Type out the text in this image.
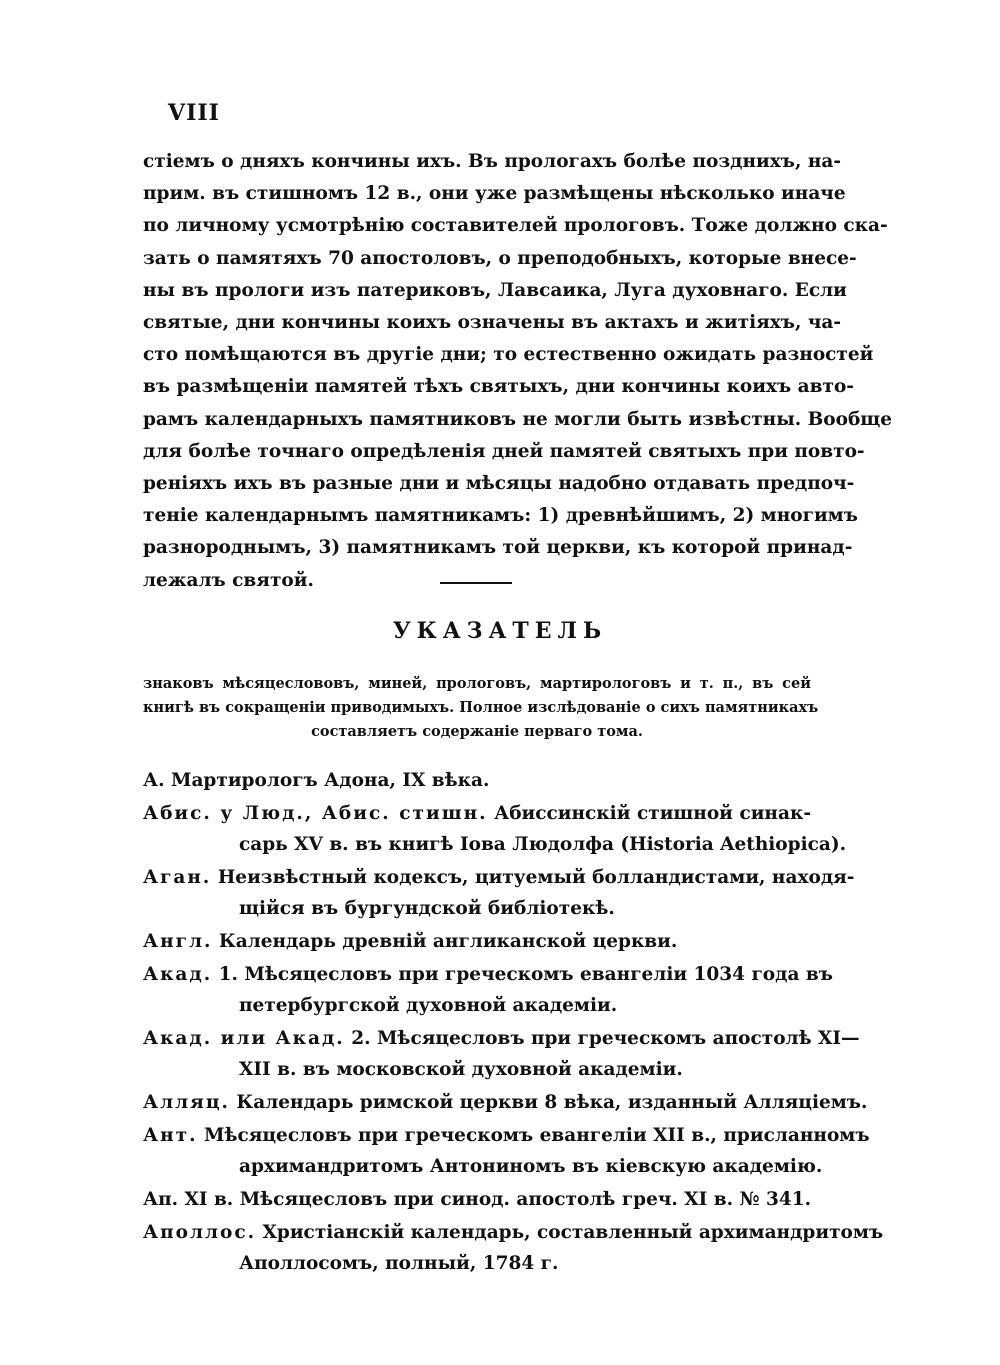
VIII
стіемъ о дняхъ кончины ихъ. Въ прологахъ болѣе позднихъ, на-
прим. въ стишномъ 12 в., они уже размѣщены нѣсколько иначе
по личному усмотрѣнію составителей прологовъ. Тоже должно ска-
зать о памятяхъ 70 апостоловъ, о преподобныхъ, которые внесе-
ны въ прологи изъ патериковъ, Лавсаика, Луга духовнаго. Если
святые, дни кончины коихъ означены въ актахъ и житіяхъ, ча-
сто помѣщаются въ другіе дни; то естественно ожидать разностей
въ размѣщеніи памятей тѣхъ святыхъ, дни кончины коихъ авто-
рамъ календарныхъ памятниковъ не могли быть извѣстны. Вообще
для болѣе точнаго опредѣленія дней памятей святыхъ при повто-
реніяхъ ихъ въ разные дни и мѣсяцы надобно отдавать предпоч-
теніе календарнымъ памятникамъ: 1) древнѣйшимъ, 2) многимъ
разнороднымъ, 3) памятникамъ той церкви, къ которой принад-
лежалъ святой.
УКАЗАТЕЛЬ
знаковъ мѣсяцеслововъ, миней, прологовъ, мартирологовъ и т. п., въ сей
книгѣ въ сокращеніи приводимыхъ. Полное изслѣдованіе о сихъ памятникахъ
составляетъ содержаніе перваго тома.
А. Мартирологъ Адона, IX вѣка.
Абис. у Люд., Абис. стишн. Абиссинскій стишной синак-
сарь XV в. въ книгѣ Іова Людолфа (Historia Aethiopica).
Аган. Неизвѣстный кодексъ, цитуемый болландистами, находя-
щійся въ бургундской библіотекѣ.
Англ. Календарь древній англиканской церкви.
Акад. 1. Мѣсяцесловъ при греческомъ евангеліи 1034 года въ
петербургской духовной академіи.
Акад. или Акад. 2. Мѣсяцесловъ при греческомъ апостолѣ XI—
XII в. въ московской духовной академіи.
Алляц. Календарь римской церкви 8 вѣка, изданный Алляціемъ.
Ант. Мѣсяцесловъ при греческомъ евангеліи XII в., присланномъ
архимандритомъ Антониномъ въ кіевскую академію.
Ап. XI в. Мѣсяцесловъ при синод. апостолѣ греч. XI в. № 341.
Аполлос. Христіанскій календарь, составленный архимандритомъ
Аполлосомъ, полный, 1784 г.
